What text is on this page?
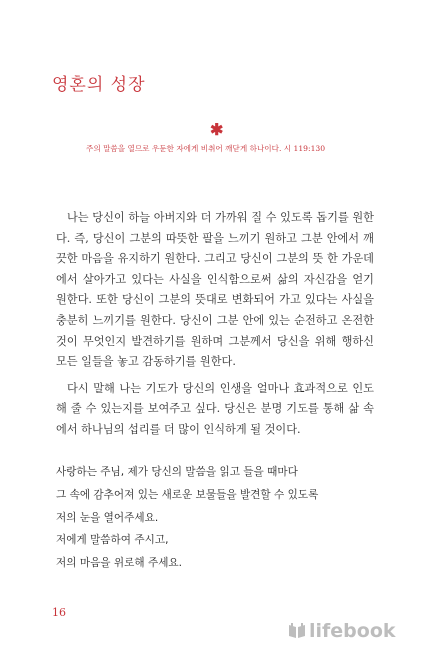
영혼의 성장
✱
주의 말씀을 열므로 우둔한 자에게 비취어 깨닫게 하나이다. 시 119:130

나는 당신이 하늘 아버지와 더 가까워 질 수 있도록 돕기를 원한다. 즉, 당신이 그분의 따뜻한 팔을 느끼기 원하고 그분 안에서 깨끗한 마음을 유지하기 원한다. 그리고 당신이 그분의 뜻 한 가운데에서 살아가고 있다는 사실을 인식함으로써 삶의 자신감을 얻기 원한다. 또한 당신이 그분의 뜻대로 변화되어 가고 있다는 사실을 충분히 느끼기를 원한다. 당신이 그분 안에 있는 순전하고 온전한 것이 무엇인지 발견하기를 원하며 그분께서 당신을 위해 행하신 모든 일들을 놓고 감동하기를 원한다.

다시 말해 나는 기도가 당신의 인생을 얼마나 효과적으로 인도해 줄 수 있는지를 보여주고 싶다. 당신은 분명 기도를 통해 삶 속에서 하나님의 섭리를 더 많이 인식하게 될 것이다.

사랑하는 주님, 제가 당신의 말씀을 읽고 들을 때마다
그 속에 감추어져 있는 새로운 보물들을 발견할 수 있도록
저의 눈을 열어주세요.
저에게 말씀하여 주시고,
저의 마음을 위로해 주세요.
16
lifebook
